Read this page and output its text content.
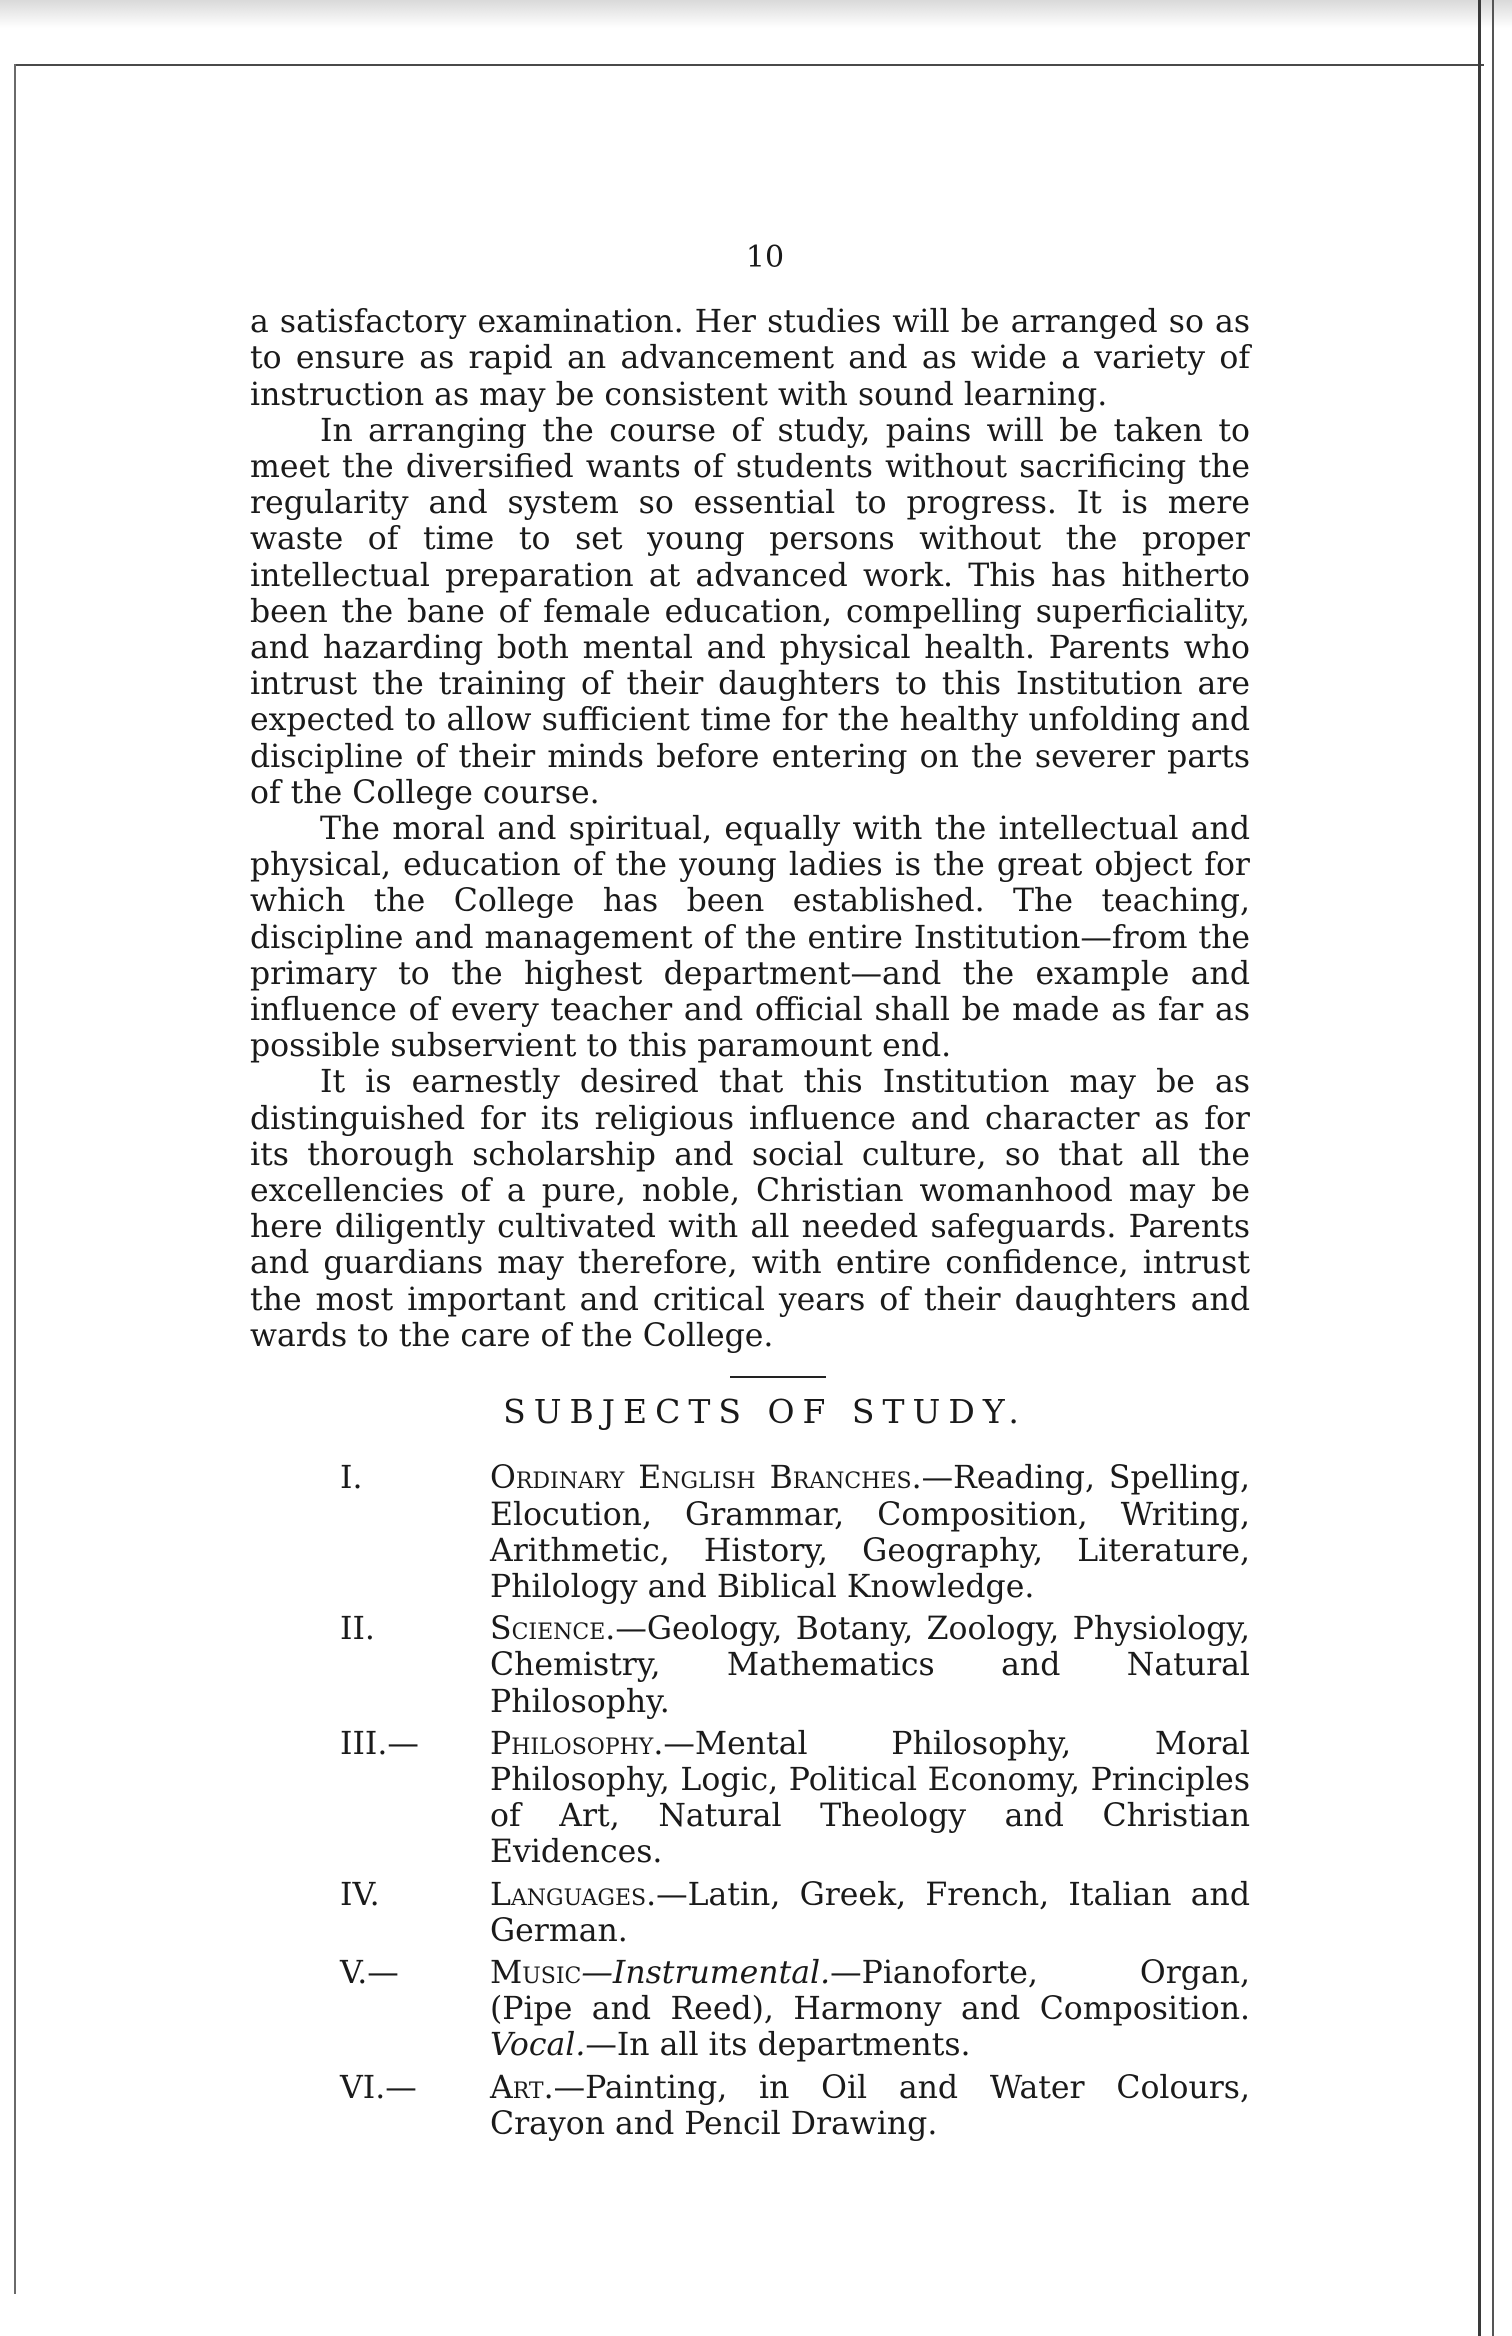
10

a satisfactory examination. Her studies will be arranged so as to ensure as rapid an advancement and as wide a variety of instruction as may be consistent with sound learning.

In arranging the course of study, pains will be taken to meet the diversified wants of students without sacrificing the regularity and system so essential to progress. It is mere waste of time to set young persons without the proper intellectual preparation at advanced work. This has hitherto been the bane of female education, compelling superficiality, and hazarding both mental and physical health. Parents who intrust the training of their daughters to this Institution are expected to allow sufficient time for the healthy unfolding and discipline of their minds before entering on the severer parts of the College course.

The moral and spiritual, equally with the intellectual and physical, education of the young ladies is the great object for which the College has been established. The teaching, discipline and management of the entire Institution—from the primary to the highest department—and the example and influence of every teacher and official shall be made as far as possible subservient to this paramount end.

It is earnestly desired that this Institution may be as distinguished for its religious influence and character as for its thorough scholarship and social culture, so that all the excellencies of a pure, noble, Christian womanhood may be here diligently cultivated with all needed safeguards. Parents and guardians may therefore, with entire confidence, intrust the most important and critical years of their daughters and wards to the care of the College.

SUBJECTS OF STUDY.
I.	Ordinary English Branches.—Reading, Spelling, Elocution, Grammar, Composition, Writing, Arithmetic, History, Geography, Literature, Philology and Biblical Knowledge.
II.	Science.—Geology, Botany, Zoology, Physiology, Chemistry, Mathematics and Natural Philosophy.
III.— Philosophy.—Mental Philosophy, Moral Philosophy, Logic, Political Economy, Principles of Art, Natural Theology and Christian Evidences.
IV.	Languages.—Latin, Greek, French, Italian and German.
V.—	Music—Instrumental.—Pianoforte, Organ, (Pipe and Reed), Harmony and Composition. Vocal.—In all its departments.
VI.— Art.—Painting, in Oil and Water Colours, Crayon and Pencil Drawing.
